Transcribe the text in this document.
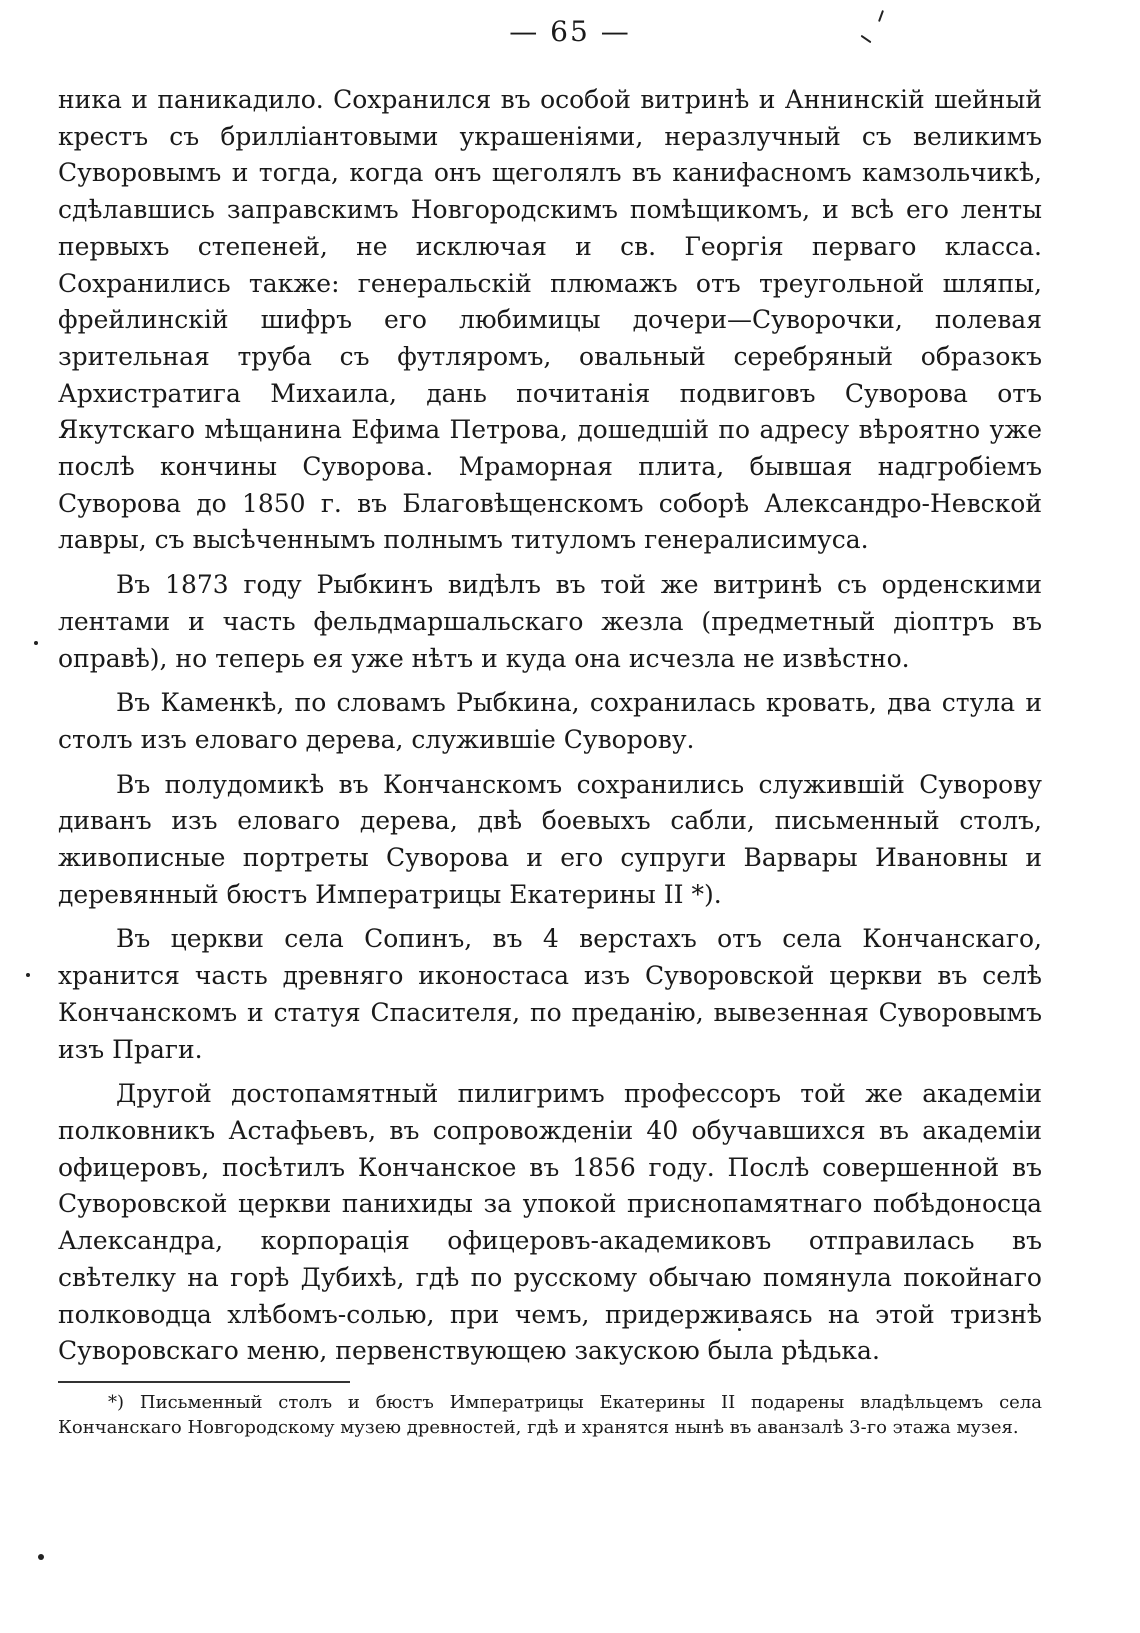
— 65 —

ника и паникадило. Сохранился въ особой витринѣ и Аннинскій шейный крестъ съ брилліантовыми украшеніями, неразлучный съ великимъ Суворовымъ и тогда, когда онъ щеголялъ въ канифасномъ камзольчикѣ, сдѣлавшись заправскимъ Новгородскимъ помѣщикомъ, и всѣ его ленты первыхъ степеней, не исключая и св. Георгія перваго класса. Сохранились также: генеральскій плюмажъ отъ треугольной шляпы, фрейлинскій шифръ его любимицы дочери—Суворочки, полевая зрительная труба съ футляромъ, овальный серебряный образокъ Архистратига Михаила, дань почитанія подвиговъ Суворова отъ Якутскаго мѣщанина Ефима Петрова, дошедшій по адресу вѣроятно уже послѣ кончины Суворова. Мраморная плита, бывшая надгробіемъ Суворова до 1850 г. въ Благовѣщенскомъ соборѣ Александро-Невской лавры, съ высѣченнымъ полнымъ титуломъ генералисимуса.

Въ 1873 году Рыбкинъ видѣлъ въ той же витринѣ съ орденскими лентами и часть фельдмаршальскаго жезла (предметный діоптръ въ оправѣ), но теперь ея уже нѣтъ и куда она исчезла не извѣстно.

Въ Каменкѣ, по словамъ Рыбкина, сохранилась кровать, два стула и столъ изъ еловаго дерева, служившіе Суворову.

Въ полудомикѣ въ Кончанскомъ сохранились служившій Суворову диванъ изъ еловаго дерева, двѣ боевыхъ сабли, письменный столъ, живописные портреты Суворова и его супруги Варвары Ивановны и деревянный бюстъ Императрицы Екатерины II *).

Въ церкви села Сопинъ, въ 4 верстахъ отъ села Кончанскаго, хранится часть древняго иконостаса изъ Суворовской церкви въ селѣ Кончанскомъ и статуя Спасителя, по преданію, вывезенная Суворовымъ изъ Праги.

Другой достопамятный пилигримъ профессоръ той же академіи полковникъ Астафьевъ, въ сопровожденіи 40 обучавшихся въ академіи офицеровъ, посѣтилъ Кончанское въ 1856 году. Послѣ совершенной въ Суворовской церкви панихиды за упокой приснопамятнаго побѣдоносца Александра, корпорація офицеровъ-академиковъ отправилась въ свѣтелку на горѣ Дубихѣ, гдѣ по русскому обычаю помянула покойнаго полководца хлѣбомъ-солью, при чемъ, придерживаясь на этой тризнѣ Суворовскаго меню, первенствующею закускою была рѣдька.

*) Письменный столъ и бюстъ Императрицы Екатерины II подарены владѣльцемъ села Кончанскаго Новгородскому музею древностей, гдѣ и хранятся нынѣ въ аванзалѣ 3-го этажа музея.
